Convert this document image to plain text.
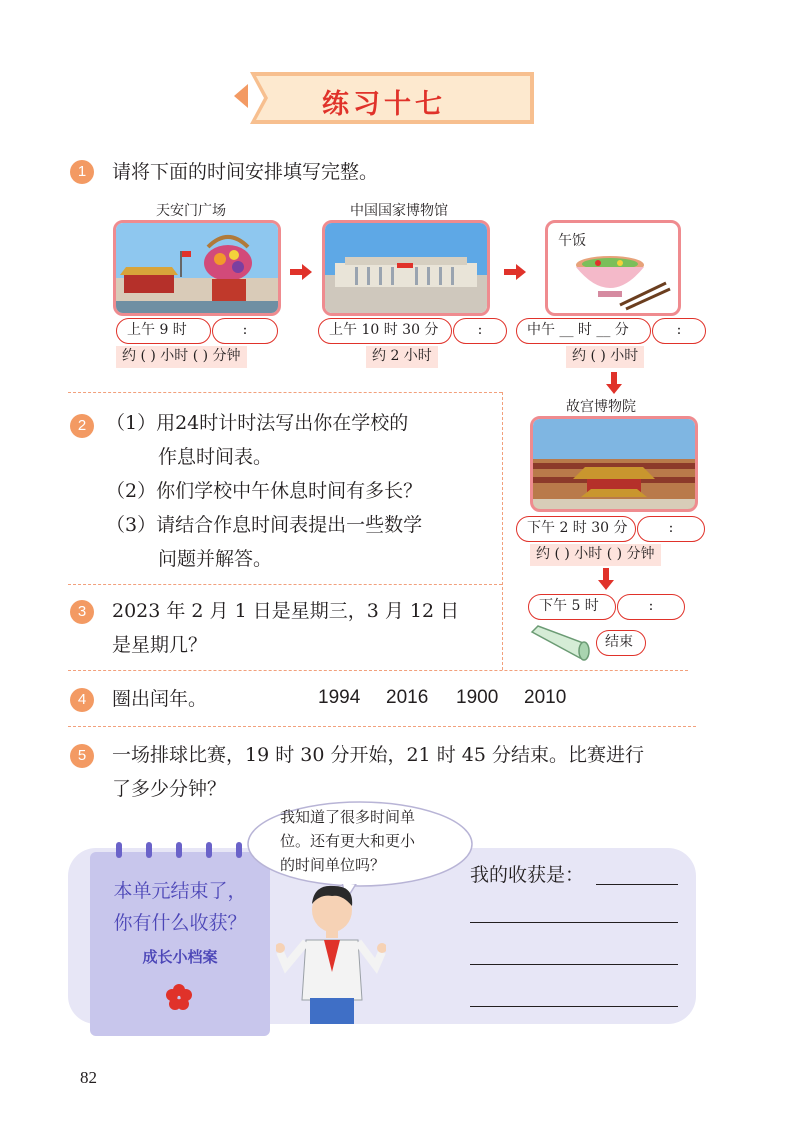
练习十七
1	请将下面的时间安排填写完整。
天安门广场
上午 9 时	:
约 ( ) 小时 ( ) 分钟
中国国家博物馆
上午 10 时 30 分	:
约 2 小时
午饭
中午 __ 时 __ 分	:
约 ( ) 小时
故宫博物院
下午 2 时 30 分	:
约 ( ) 小时 ( ) 分钟
下午 5 时	:
结束
2	（1）用24时计时法写出你在学校的
作息时间表。
（2）你们学校中午休息时间有多长？
（3）请结合作息时间表提出一些数学
问题并解答。
3	2023 年 2 月 1 日是星期三，3 月 12 日
是星期几？
4	圈出闰年。	1994 2016 1900 2010
5	一场排球比赛，19 时 30 分开始，21 时 45 分结束。比赛进行
了多少分钟？
本单元结束了，
你有什么收获？
成长小档案
我知道了很多时间单
位。还有更大和更小
的时间单位吗？	我的收获是：
82
